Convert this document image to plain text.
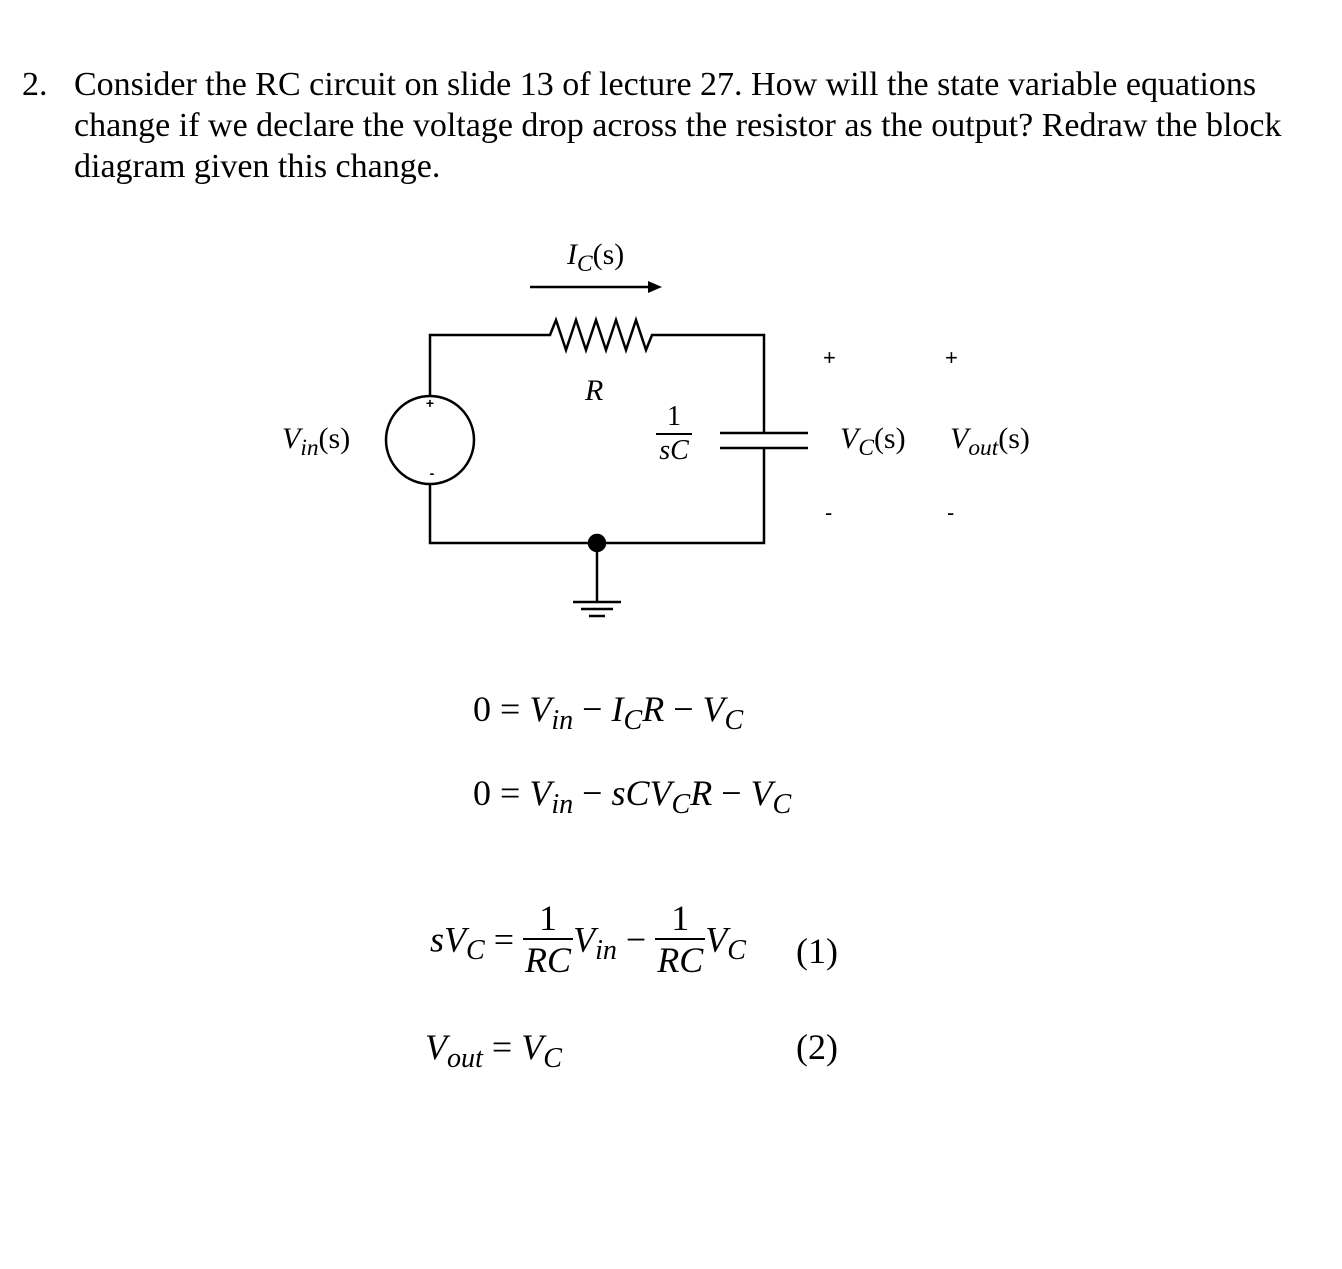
2. Consider the RC circuit on slide 13 of lecture 27. How will the state variable equations change if we declare the voltage drop across the resistor as the output? Redraw the block diagram given this change.
+
-
$I_C(s)$
R
$\frac{1}{sC}$
$V_{in}(s)$	$V_C(s)$ $V_{out}(s)$
+	+
-	-
$0 = V_{in} - I_CR - V_C$
$0 = V_{in} - sCV_CR - V_C$
$sV_C = \frac{1}{RC} V_{in} - \frac{1}{RC} V_C$ (1)
$V_{out} = V_C$	(2)
